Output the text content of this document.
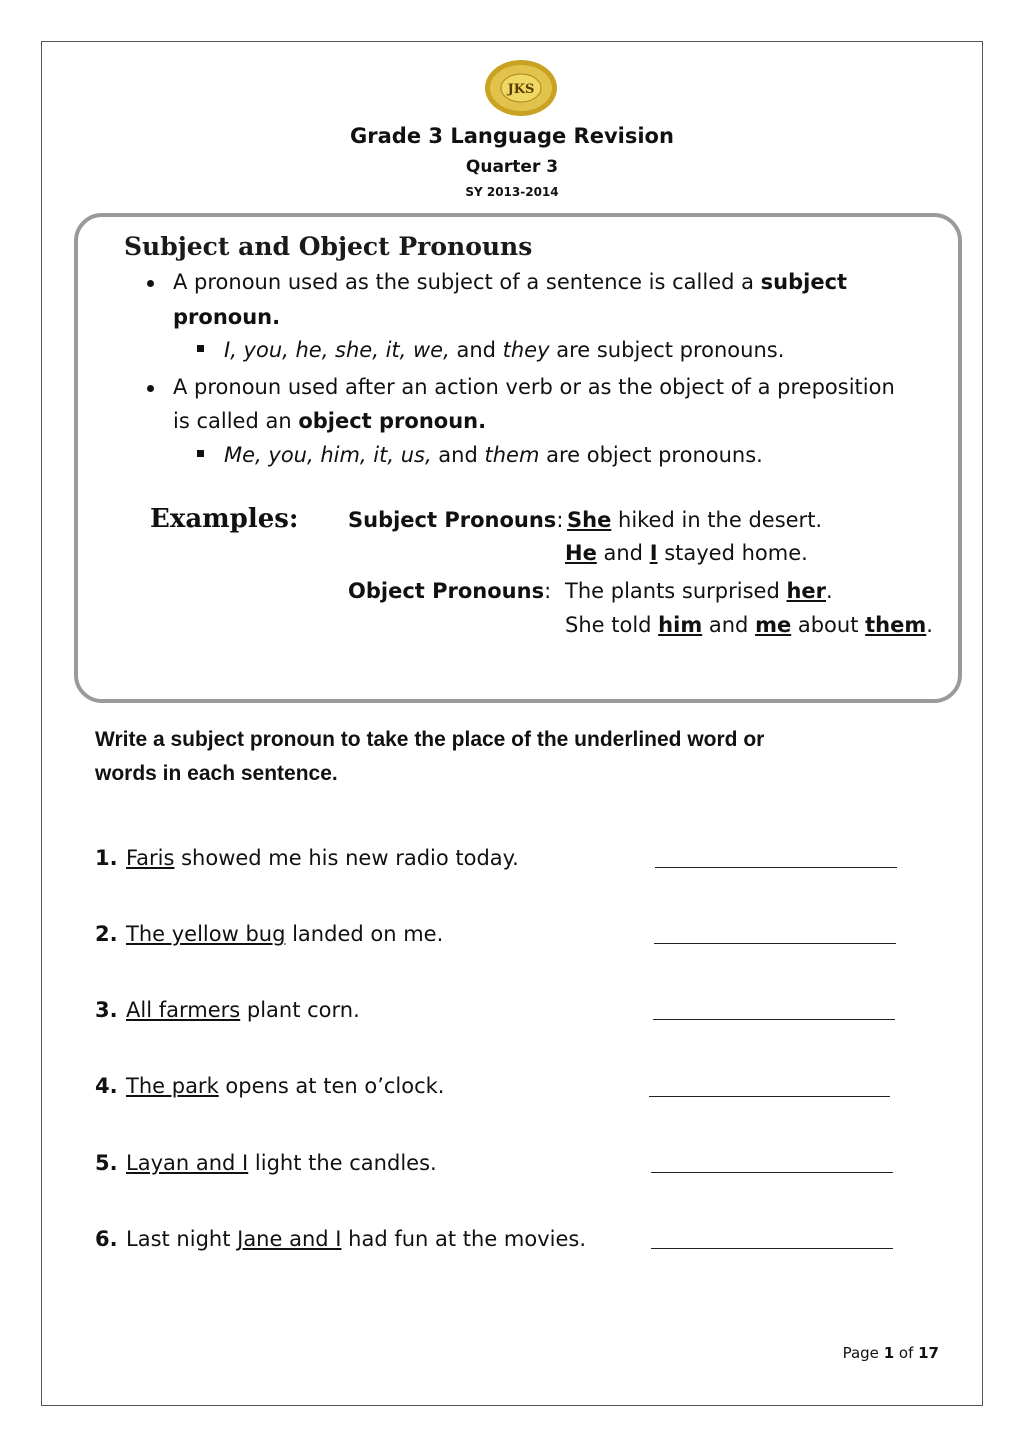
JKS
Grade 3 Language Revision
Quarter 3
SY 2013-2014
Subject and Object Pronouns
A pronoun used as the subject of a sentence is called a subject
pronoun.
I, you, he, she, it, we, and they are subject pronouns.
A pronoun used after an action verb or as the object of a preposition
is called an object pronoun.
Me, you, him, it, us, and them are object pronouns.
Examples: Subject Pronouns: She hiked in the desert.
He and I stayed home.
Object Pronouns: The plants surprised her.
She told him and me about them.
Write a subject pronoun to take the place of the underlined word or
words in each sentence.
1. Faris showed me his new radio today.
2. The yellow bug landed on me.
3. All farmers plant corn.
4. The park opens at ten o’clock.
5. Layan and I light the candles.
6. Last night Jane and I had fun at the movies.
Page 1 of 17
